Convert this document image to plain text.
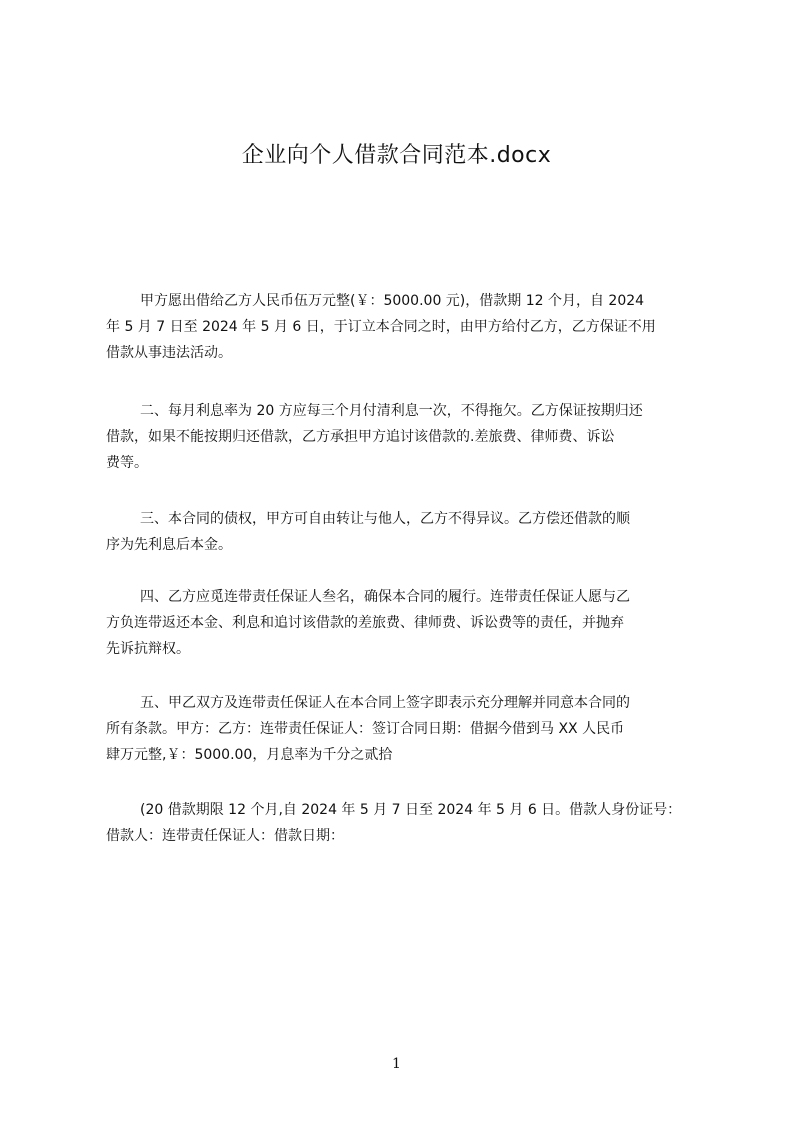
企业向个人借款合同范本.docx
甲方愿出借给乙方人民币伍万元整(￥：5000.00 元)，借款期 12 个月，自 2024
年 5 月 7 日至 2024 年 5 月 6 日，于订立本合同之时，由甲方给付乙方，乙方保证不用
借款从事违法活动。
二、每月利息率为 20 方应每三个月付清利息一次，不得拖欠。乙方保证按期归还
借款，如果不能按期归还借款，乙方承担甲方追讨该借款的.差旅费、律师费、诉讼
费等。
三、本合同的债权，甲方可自由转让与他人，乙方不得异议。乙方偿还借款的顺
序为先利息后本金。
四、乙方应觅连带责任保证人叁名，确保本合同的履行。连带责任保证人愿与乙
方负连带返还本金、利息和追讨该借款的差旅费、律师费、诉讼费等的责任，并抛弃
先诉抗辩权。
五、甲乙双方及连带责任保证人在本合同上签字即表示充分理解并同意本合同的
所有条款。甲方：乙方：连带责任保证人：签订合同日期：借据今借到马 XX 人民币
肆万元整,￥：5000.00，月息率为千分之贰拾
(20 借款期限 12 个月,自 2024 年 5 月 7 日至 2024 年 5 月 6 日。借款人身份证号：
借款人：连带责任保证人：借款日期：
1
